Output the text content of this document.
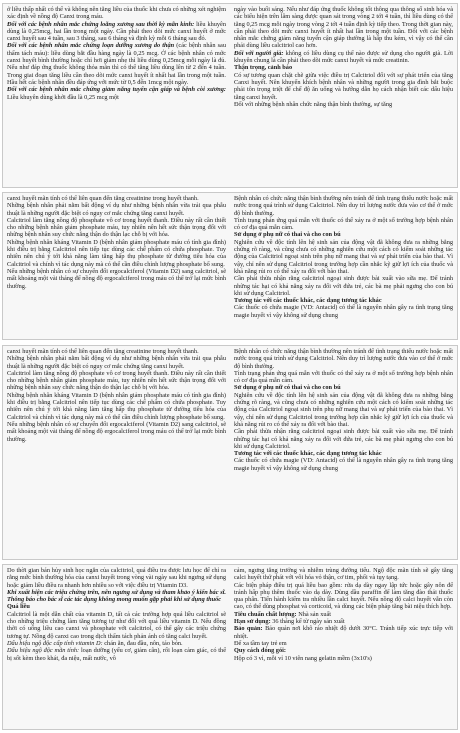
ở liều thấp nhất có thể và không nên tăng liều của thuốc khi chưa có những xét nghiệm xác định về nồng độ Canxi trong máu.

Đối với các bệnh nhân mắc chứng loãng xương sau thời kỳ mãn kinh: liều khuyên dùng là 0,25mcg, hai lần trong một ngày. Cần phải theo dõi mức canxi huyết ở mức canxi huyết sau 4 tuần, sau 3 tháng, sau 6 tháng và định kỳ mỗi 6 tháng sau đó.

Đối với các bệnh nhân mắc chứng loạn dưỡng xương do thận (các bệnh nhân sau thẩm tách máu): liều dùng bắt đầu hàng ngày là 0,25 mcg. Ở các bệnh nhân có mức canxi huyết bình thường hoặc chỉ hơi giảm nhẹ thì liều dùng 0,25mcg mỗi ngày là đủ. Nếu như đáp ứng thuốc không thỏa mãn thì có thể tăng liều dùng lên từ 2 đến 4 tuần. Trong giai đoạn tăng liều cần theo dõi mức canxi huyết ít nhất hai lần trong một tuần. Hầu hết các bệnh nhân đều đáp ứng với mức từ 0,5 đến 1mcg một ngày.

Đối với các bệnh nhân mắc chứng giảm năng tuyến cận giáp và bệnh còi xương: Liều khuyên dùng khởi đầu là 0,25 mcg một

ngày vào buổi sáng. Nếu như đáp ứng thuốc không tốt thông qua thông số sinh hóa và các biểu hiện trên lâm sàng được quan sát trong vòng 2 tới 4 tuần, thì liều dùng có thể tăng 0,25 mcg mỗi ngày trong vòng 2 tới 4 tuần định kỳ tiếp theo. Trong thời gian này, cần phải theo dõi mức canxi huyết ít nhất hai lần trong một tuần. Đối với các bệnh nhân mắc chứng giảm năng tuyến cận giáp thường là hấp thu kém, vì vậy có thể cần phải dùng liều calcitriol cao hơn.

Đối với người già: không có liều dùng cụ thể nào được sử dụng cho người già. Lời khuyên chung là cần phải theo dõi mức canxi huyết và mức creatinin.

Thận trọng, cảnh báo

Có sự tương quan chặt chẽ giữa việc điều trị Calcitriol đối với sự phát triển của tăng Canxi huyết. Nên khuyến khích bệnh nhân và những người trong gia đình bắt buộc phải tôn trọng triệt để chế độ ăn uống và hướng dẫn họ cách nhận biết các dấu hiệu tăng canxi huyết.

Đối với những bệnh nhân chức năng thận bình thường, sự tăng

canxi huyết mãn tính có thể liên quan đến tăng creatinine trong huyết thanh.

Những bệnh nhân phải nằm bất động ví dụ như những bệnh nhân vừa trải qua phẫu thuật là những người đặc biệt có nguy cơ mắc chứng tăng canxi huyết.

Calcitriol làm tăng nồng độ phosphate vô cơ trong huyết thanh. Điều này rất cần thiết cho những bệnh nhân giảm phosphate máu, tuy nhiên nên hết sức thận trọng đối với những bệnh nhân suy chức năng thận do thận lạc chỗ bị với hóa.

Những bệnh nhân kháng Vitamin D (bệnh nhân giảm phosphate máu có tính gia đình) khi điều trị bằng Calcitriol nên tiếp tục dùng các chế phẩm có chứa phosphate. Tuy nhiên nên chú ý tới khả năng làm tăng hấp thụ phosphate từ đường tiêu hóa của Calcitriol và chính vì tác dụng này mà có thể cần điều chỉnh lượng phosphate bổ sung.

Nếu những bệnh nhân có sự chuyển đổi ergocalciferol (Vitamin D2) sang calcitriol, sẽ mất khoảng một vài tháng để nồng độ ergocalciferol trong máu có thể trở lại mức bình thường.

Bệnh nhân có chức năng thận bình thường nên tránh để tình trạng thiếu nước hoặc mất nước trong quá trình sử dụng Calcitriol. Nên duy trì lượng nước đưa vào cơ thể ở mức độ bình thường.

Tình trạng phản ứng quá mẫn với thuốc có thể xảy ra ở một số trường hợp bệnh nhân có cơ địa quá mẫn cảm.

Sử dụng ở phụ nữ có thai và cho con bú

Nghiên cứu về độc tính lên hệ sinh sản của động vật đã không đưa ra những bằng chứng rõ ràng, và cũng chưa có những nghiên cứu một cách có kiểm soát những tác động của Calcitriol ngoại sinh trên phụ nữ mang thai và sự phát triển của bào thai. Vì vậy, chỉ nên sử dụng Calcitriol trong trường hợp cần nhắc kỹ giữ lợi ích của thuốc và khả năng rủi ro có thể xảy ra đối với bào thai.

Cần phải thừa nhận rằng calcitriol ngoại sinh được bài xuất vào sữa mẹ. Để tránh những tác hại có khả năng xảy ra đối với đứa trẻ, các bà mẹ phải ngưng cho con bú khi sử dụng Calcitriol.

Tương tác với các thuốc khác, các dạng tương tác khác

Các thuốc có chứa magie (VD: Antacid) có thể là nguyên nhân gây ra tình trạng tăng magie huyết vì vậy không sử dụng chung

canxi huyết mãn tính có thể liên quan đến tăng creatinine trong huyết thanh.

Những bệnh nhân phải nằm bất động ví dụ như những bệnh nhân vừa trải qua phẫu thuật là những người đặc biệt có nguy cơ mắc chứng tăng canxi huyết.

Calcitriol làm tăng nồng độ phosphate vô cơ trong huyết thanh. Điều này rất cần thiết cho những bệnh nhân giảm phosphate máu, tuy nhiên nên hết sức thận trọng đối với những bệnh nhân suy chức năng thận do thận lạc chỗ bị với hóa.

Những bệnh nhân kháng Vitamin D (bệnh nhân giảm phosphate máu có tính gia đình) khi điều trị bằng Calcitriol nên tiếp tục dùng các chế phẩm có chứa phosphate. Tuy nhiên nên chú ý tới khả năng làm tăng hấp thụ phosphate từ đường tiêu hóa của Calcitriol và chính vì tác dụng này mà có thể cần điều chỉnh lượng phosphate bổ sung.

Nếu những bệnh nhân có sự chuyển đổi ergocalciferol (Vitamin D2) sang calcitriol, sẽ mất khoảng một vài tháng để nồng độ ergocalciferol trong máu có thể trở lại mức bình thường.

Bệnh nhân có chức năng thận bình thường nên tránh để tình trạng thiếu nước hoặc mất nước trong quá trình sử dụng Calcitriol. Nên duy trì lượng nước đưa vào cơ thể ở mức độ bình thường.

Tình trạng phản ứng quá mẫn với thuốc có thể xảy ra ở một số trường hợp bệnh nhân có cơ địa quá mẫn cảm.

Sử dụng ở phụ nữ có thai và cho con bú

Nghiên cứu về độc tính lên hệ sinh sản của động vật đã không đưa ra những bằng chứng rõ ràng, và cũng chưa có những nghiên cứu một cách có kiểm soát những tác động của Calcitriol ngoại sinh trên phụ nữ mang thai và sự phát triển của bào thai. Vì vậy, chỉ nên sử dụng Calcitriol trong trường hợp cần nhắc kỹ giữ lợi ích của thuốc và khả năng rủi ro có thể xảy ra đối với bào thai.

Cần phải thừa nhận rằng calcitriol ngoại sinh được bài xuất vào sữa mẹ. Để tránh những tác hại có khả năng xảy ra đối với đứa trẻ, các bà mẹ phải ngưng cho con bú khi sử dụng Calcitriol.

Tương tác với các thuốc khác, các dạng tương tác khác

Các thuốc có chứa magie (VD: Antacid) có thể là nguyên nhân gây ra tình trạng tăng magie huyết vì vậy không sử dụng chung

Do thời gian bán hủy sinh học ngắn của calcitriol, quá điều tra được lưu học để chỉ ra rằng mức bình thường hóa của canxi huyết trong vòng vài ngày sau khi ngưng sử dụng hoặc giảm liều điều ra nhanh hơn nhiều so với việc điều trị Vitamin D3.

Khi xuất hiện các triệu chứng trên, nên ngưng sử dụng và tham khảo ý kiến bác sĩ. Thông báo cho bác sĩ các tác dụng không mong muốn gặp phải khi sử dụng thuốc

Quá liều

Calcitriol là một dẫn chất của vitamin D, tất cả các trường hợp quá liều calcitriol sẽ cho những triệu chứng làm tăng tương tự như đối với quá liều vitamin D. Nếu đồng thời có uống liều cao canxi và phosphate với calcitriol, có thể gây các triệu chứng tương tự. Nồng độ canxi cao trong dịch thẩm tách phản ánh có tăng calci huyết.

Dấu hiệu ngộ độc cấp tính vitamin D: chán ăn, đau đầu, nôn, táo bón.

Dấu hiệu ngộ độc mãn tính: loạn dưỡng (yếu cơ, giảm cân), rối loạn cảm giác, có thể bị sốt kèm theo khát, đa niệu, mất nước, vô

cảm, ngưng tăng trưởng và nhiễm trùng đường tiểu. Ngộ độc mãn tính sẽ gây tăng calci huyết thứ phát với vôi hóa vỏ thận, cơ tim, phổi và tụy tạng.

Các biện pháp điều trị quá liều bao gồm: rửa dạ dày ngay lập tức hoặc gây nôn để tránh hấp phụ thêm thuốc vào dạ dày. Dùng dầu paraffin để làm tăng đào thải thuốc qua phân. Tiến hành kiểm tra nhiều lần calci huyết. Nếu nồng độ calci huyết vẫn còn cao, có thể dùng phosphat và corticoid, và dùng các biện pháp tăng bài niệu thích hợp.

Tiêu chuẩn chất lượng: Nhà sản xuất

Hạn sử dụng: 36 tháng kể từ ngày sản xuất

Bảo quản: Bảo quản nơi khô ráo nhiệt độ dưới 30°C. Tránh tiếp xúc trực tiếp với nhiệt.

Để xa tầm tay trẻ em

Quy cách đóng gói:

Hộp có 3 vỉ, mỗi vỉ 10 viên nang gelatin mềm (3x10's)
